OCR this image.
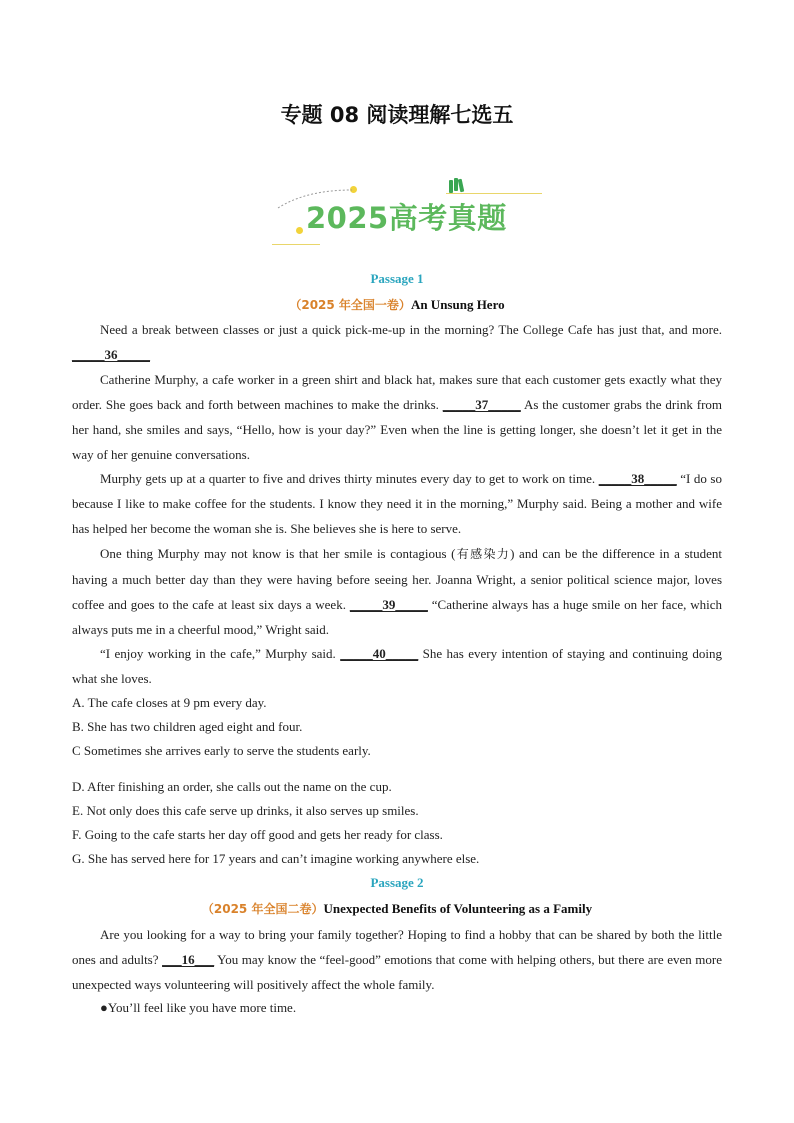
专题 08 阅读理解七选五
2025高考真题
Passage 1
（2025 年全国一卷）An Unsung Hero
Need a break between classes or just a quick pick-me-up in the morning? The College Cafe has just that, and more. _____36_____
Catherine Murphy, a cafe worker in a green shirt and black hat, makes sure that each customer gets exactly what they order. She goes back and forth between machines to make the drinks. _____37_____ As the customer grabs the drink from her hand, she smiles and says, “Hello, how is your day?” Even when the line is getting longer, she doesn’t let it get in the way of her genuine conversations.
Murphy gets up at a quarter to five and drives thirty minutes every day to get to work on time. _____38_____ “I do so because I like to make coffee for the students. I know they need it in the morning,” Murphy said. Being a mother and wife has helped her become the woman she is. She believes she is here to serve.
One thing Murphy may not know is that her smile is contagious (有感染力) and can be the difference in a student having a much better day than they were having before seeing her. Joanna Wright, a senior political science major, loves coffee and goes to the cafe at least six days a week. _____39_____ “Catherine always has a huge smile on her face, which always puts me in a cheerful mood,” Wright said.
“I enjoy working in the cafe,” Murphy said. _____40_____ She has every intention of staying and continuing doing what she loves.
A. The cafe closes at 9 pm every day.
B. She has two children aged eight and four.
C Sometimes she arrives early to serve the students early.
D. After finishing an order, she calls out the name on the cup.
E. Not only does this cafe serve up drinks, it also serves up smiles.
F. Going to the cafe starts her day off good and gets her ready for class.
G. She has served here for 17 years and can’t imagine working anywhere else.
Passage 2
（2025 年全国二卷）Unexpected Benefits of Volunteering as a Family
Are you looking for a way to bring your family together? Hoping to find a hobby that can be shared by both the little ones and adults? ___16___ You may know the “feel-good” emotions that come with helping others, but there are even more unexpected ways volunteering will positively affect the whole family.
●You’ll feel like you have more time.
